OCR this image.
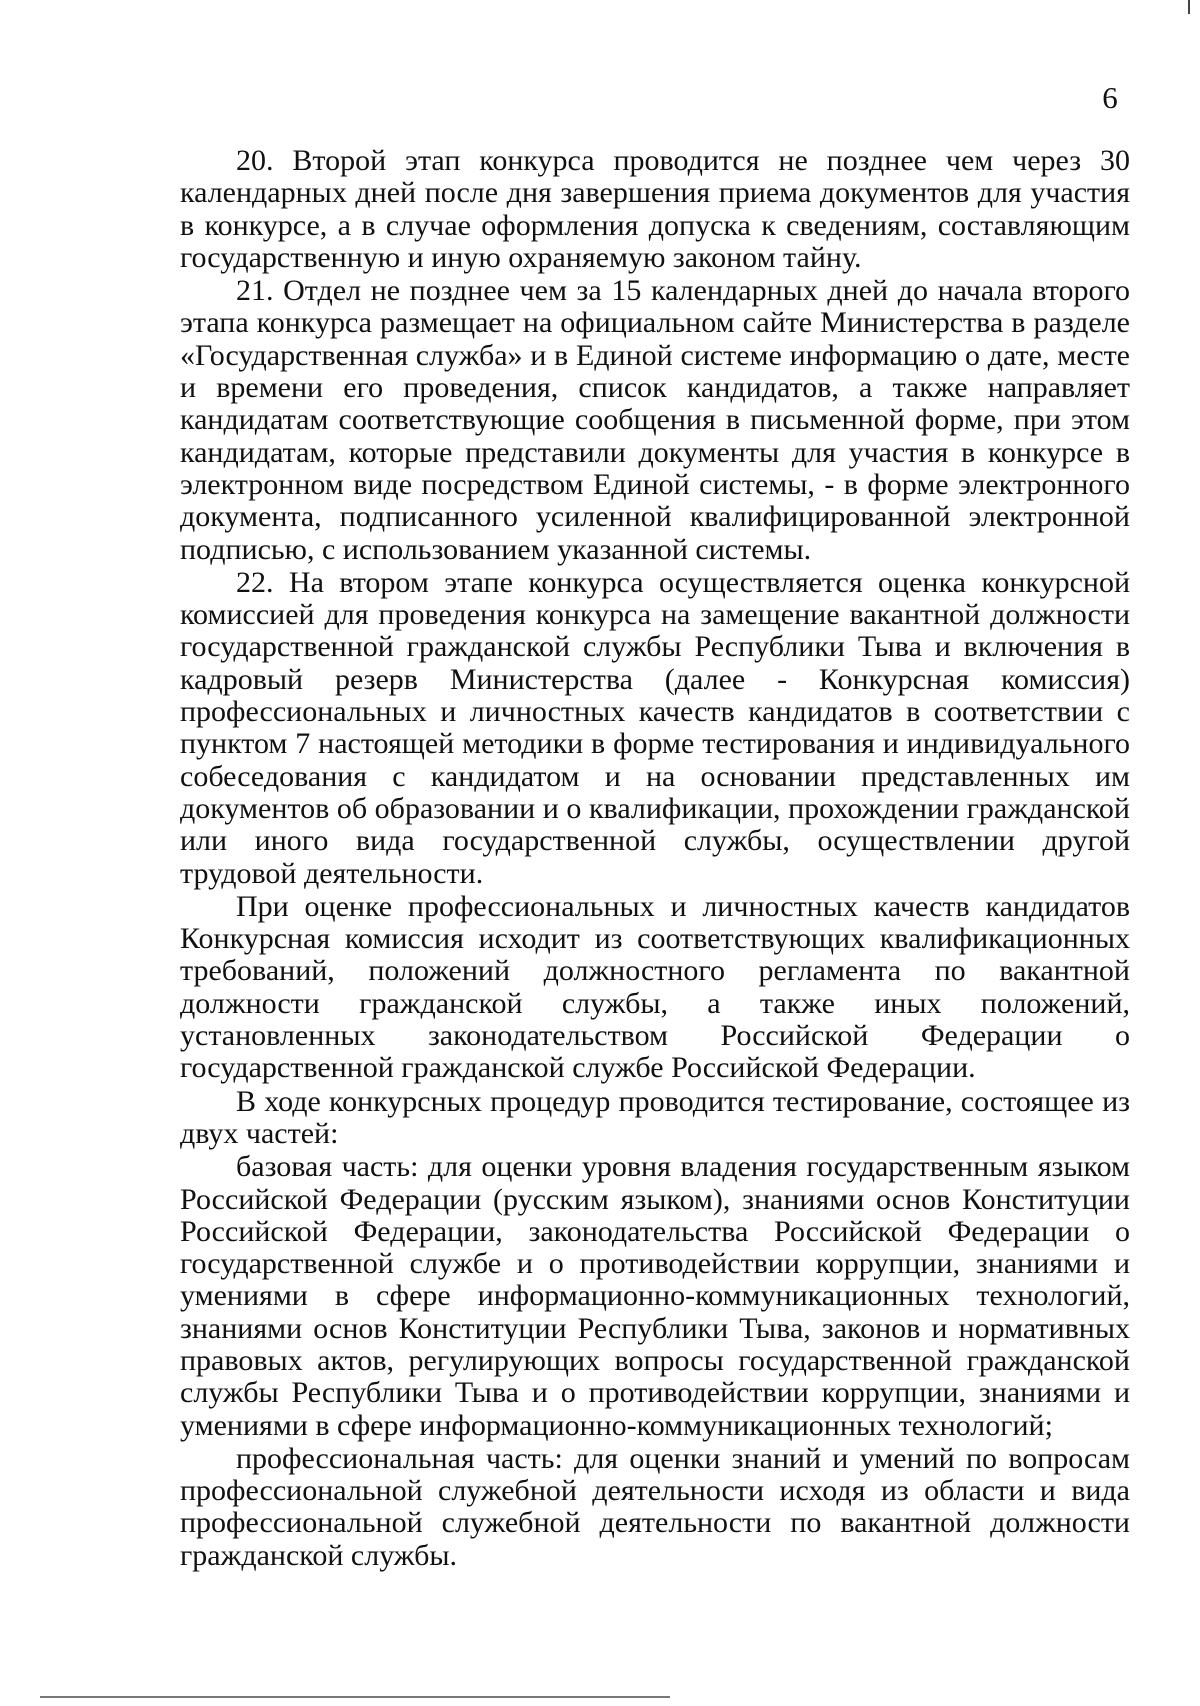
6

20. Второй этап конкурса проводится не позднее чем через 30 календарных дней после дня завершения приема документов для участия в конкурсе, а в случае оформления допуска к сведениям, составляющим государственную и иную охраняемую законом тайну.

21. Отдел не позднее чем за 15 календарных дней до начала второго этапа конкурса размещает на официальном сайте Министерства в разделе «Государственная служба» и в Единой системе информацию о дате, месте и времени его проведения, список кандидатов, а также направляет кандидатам соответствующие сообщения в письменной форме, при этом кандидатам, которые представили документы для участия в конкурсе в электронном виде посредством Единой системы, - в форме электронного документа, подписанного усиленной квалифицированной электронной подписью, с использованием указанной системы.

22. На втором этапе конкурса осуществляется оценка конкурсной комиссией для проведения конкурса на замещение вакантной должности государственной гражданской службы Республики Тыва и включения в кадровый резерв Министерства (далее - Конкурсная комиссия) профессиональных и личностных качеств кандидатов в соответствии с пунктом 7 настоящей методики в форме тестирования и индивидуального собеседования с кандидатом и на основании представленных им документов об образовании и о квалификации, прохождении гражданской или иного вида государственной службы, осуществлении другой трудовой деятельности.

При оценке профессиональных и личностных качеств кандидатов Конкурсная комиссия исходит из соответствующих квалификационных требований, положений должностного регламента по вакантной должности гражданской службы, а также иных положений, установленных законодательством Российской Федерации о государственной гражданской службе Российской Федерации.

В ходе конкурсных процедур проводится тестирование, состоящее из двух частей:

базовая часть: для оценки уровня владения государственным языком Российской Федерации (русским языком), знаниями основ Конституции Российской Федерации, законодательства Российской Федерации о государственной службе и о противодействии коррупции, знаниями и умениями в сфере информационно-коммуникационных технологий, знаниями основ Конституции Республики Тыва, законов и нормативных правовых актов, регулирующих вопросы государственной гражданской службы Республики Тыва и о противодействии коррупции, знаниями и умениями в сфере информационно-коммуникационных технологий;

профессиональная часть: для оценки знаний и умений по вопросам профессиональной служебной деятельности исходя из области и вида профессиональной служебной деятельности по вакантной должности гражданской службы.
